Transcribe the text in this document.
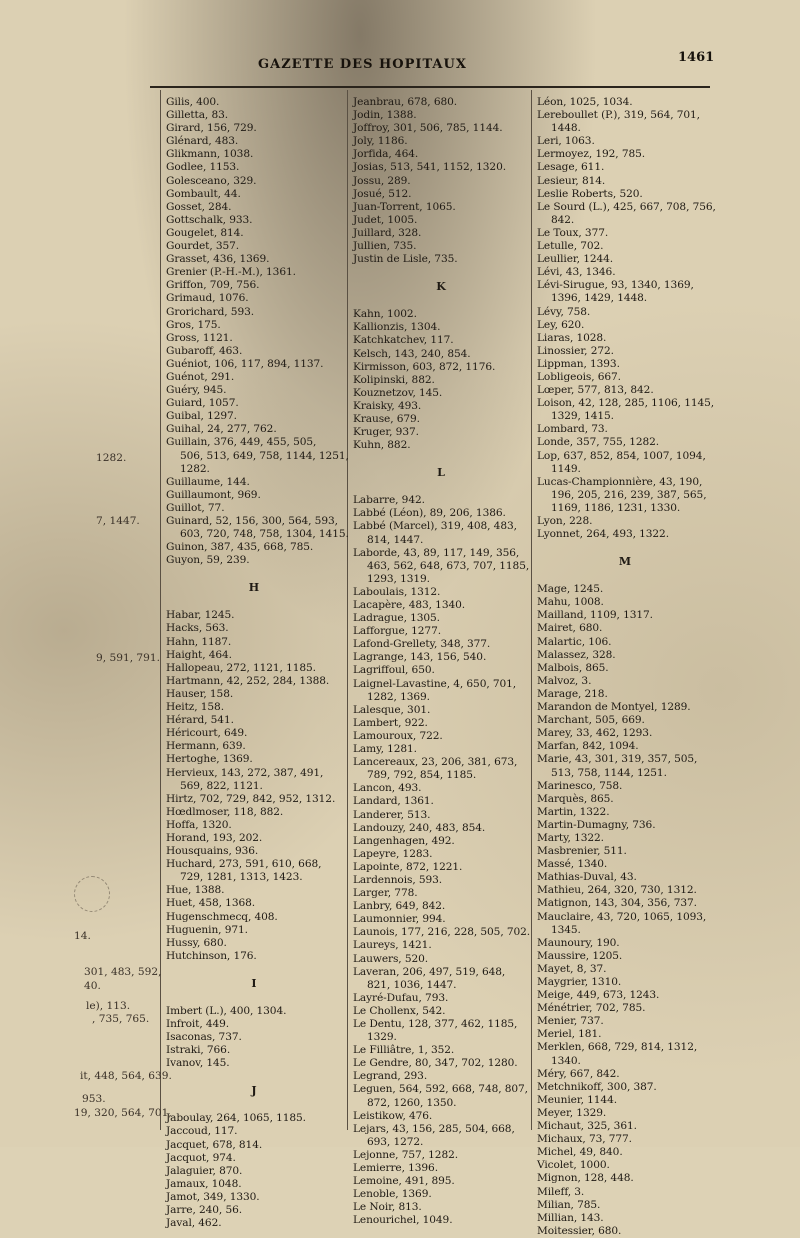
GAZETTE DES HOPITAUX	1461
Gilis, 400.
Gilletta, 83.
Girard, 156, 729.
Glénard, 483.
Glikmann, 1038.
Godlee, 1153.
Golesceano, 329.
Gombault, 44.
Gosset, 284.
Gottschalk, 933.
Gougelet, 814.
Gourdet, 357.
Grasset, 436, 1369.
Grenier (P.-H.-M.), 1361.
Griffon, 709, 756.
Grimaud, 1076.
Grorichard, 593.
Gros, 175.
Gross, 1121.
Gubaroff, 463.
Guéniot, 106, 117, 894, 1137.
Guénot, 291.
Guéry, 945.
Guiard, 1057.
Guibal, 1297.
Guihal, 24, 277, 762.
Guillain, 376, 449, 455, 505,
506, 513, 649, 758, 1144, 1251,
1282.
Guillaume, 144.
Guillaumont, 969.
Guillot, 77.
Guinard, 52, 156, 300, 564, 593,
603, 720, 748, 758, 1304, 1415.
Guinon, 387, 435, 668, 785.
Guyon, 59, 239.
H
Habar, 1245.
Hacks, 563.
Hahn, 1187.
Haight, 464.
Hallopeau, 272, 1121, 1185.
Hartmann, 42, 252, 284, 1388.
Hauser, 158.
Heitz, 158.
Hérard, 541.
Héricourt, 649.
Hermann, 639.
Hertoghe, 1369.
Hervieux, 143, 272, 387, 491,
569, 822, 1121.
Hirtz, 702, 729, 842, 952, 1312.
Hœdlmoser, 118, 882.
Hoffa, 1320.
Horand, 193, 202.
Housquains, 936.
Huchard, 273, 591, 610, 668,
729, 1281, 1313, 1423.
Hue, 1388.
Huet, 458, 1368.
Hugenschmecq, 408.
Huguenin, 971.
Hussy, 680.
Hutchinson, 176.
I
Imbert (L.), 400, 1304.
Infroit, 449.
Isaconas, 737.
Istraki, 766.
Ivanov, 145.
J
Jaboulay, 264, 1065, 1185.
Jaccoud, 117.
Jacquet, 678, 814.
Jacquot, 974.
Jalaguier, 870.
Jamaux, 1048.
Jamot, 349, 1330.
Jarre, 240, 56.
Javal, 462.
Jeanbrau, 678, 680.
Jodin, 1388.
Joffroy, 301, 506, 785, 1144.
Joly, 1186.
Jorfida, 464.
Josias, 513, 541, 1152, 1320.
Jossu, 289.
Josué, 512.
Juan-Torrent, 1065.
Judet, 1005.
Juillard, 328.
Jullien, 735.
Justin de Lisle, 735.
K
Kahn, 1002.
Kallionzis, 1304.
Katchkatchev, 117.
Kelsch, 143, 240, 854.
Kirmisson, 603, 872, 1176.
Kolipinski, 882.
Kouznetzov, 145.
Kraisky, 493.
Krause, 679.
Kruger, 937.
Kuhn, 882.
L
Labarre, 942.
Labbé (Léon), 89, 206, 1386.
Labbé (Marcel), 319, 408, 483,
814, 1447.
Laborde, 43, 89, 117, 149, 356,
463, 562, 648, 673, 707, 1185,
1293, 1319.
Laboulais, 1312.
Lacapère, 483, 1340.
Ladrague, 1305.
Lafforgue, 1277.
Lafond-Grellety, 348, 377.
Lagrange, 143, 156, 540.
Lagriffoul, 650.
Laignel-Lavastine, 4, 650, 701,
1282, 1369.
Lalesque, 301.
Lambert, 922.
Lamouroux, 722.
Lamy, 1281.
Lancereaux, 23, 206, 381, 673,
789, 792, 854, 1185.
Lancon, 493.
Landard, 1361.
Landerer, 513.
Landouzy, 240, 483, 854.
Langenhagen, 492.
Lapeyre, 1283.
Lapointe, 872, 1221.
Lardennois, 593.
Larger, 778.
Lanbry, 649, 842.
Laumonnier, 994.
Launois, 177, 216, 228, 505, 702.
Laureys, 1421.
Lauwers, 520.
Laveran, 206, 497, 519, 648,
821, 1036, 1447.
Layré-Dufau, 793.
Le Chollenx, 542.
Le Dentu, 128, 377, 462, 1185,
1329.
Le Filliâtre, 1, 352.
Le Gendre, 80, 347, 702, 1280.
Legrand, 293.
Leguen, 564, 592, 668, 748, 807,
872, 1260, 1350.
Leistikow, 476.
Lejars, 43, 156, 285, 504, 668,
693, 1272.
Lejonne, 757, 1282.
Lemierre, 1396.
Lemoine, 491, 895.
Lenoble, 1369.
Le Noir, 813.
Lenourichel, 1049.
Léon, 1025, 1034.
Lereboullet (P.), 319, 564, 701,
1448.
Leri, 1063.
Lermoyez, 192, 785.
Lesage, 611.
Lesieur, 814.
Leslie Roberts, 520.
Le Sourd (L.), 425, 667, 708, 756,
842.
Le Toux, 377.
Letulle, 702.
Leullier, 1244.
Lévi, 43, 1346.
Lévi-Sirugue, 93, 1340, 1369,
1396, 1429, 1448.
Lévy, 758.
Ley, 620.
Liaras, 1028.
Linossier, 272.
Lippman, 1393.
Lobligeois, 667.
Lœper, 577, 813, 842.
Loison, 42, 128, 285, 1106, 1145,
1329, 1415.
Lombard, 73.
Londe, 357, 755, 1282.
Lop, 637, 852, 854, 1007, 1094,
1149.
Lucas-Championnière, 43, 190,
196, 205, 216, 239, 387, 565,
1169, 1186, 1231, 1330.
Lyon, 228.
Lyonnet, 264, 493, 1322.
M
Mage, 1245.
Mahu, 1008.
Mailland, 1109, 1317.
Mairet, 680.
Malartic, 106.
Malassez, 328.
Malbois, 865.
Malvoz, 3.
Marage, 218.
Marandon de Montyel, 1289.
Marchant, 505, 669.
Marey, 33, 462, 1293.
Marfan, 842, 1094.
Marie, 43, 301, 319, 357, 505,
513, 758, 1144, 1251.
Marinesco, 758.
Marquès, 865.
Martin, 1322.
Martin-Dumagny, 736.
Marty, 1322.
Masbrenier, 511.
Massé, 1340.
Mathias-Duval, 43.
Mathieu, 264, 320, 730, 1312.
Matignon, 143, 304, 356, 737.
Mauclaire, 43, 720, 1065, 1093,
1345.
Maunoury, 190.
Maussire, 1205.
Mayet, 8, 37.
Maygrier, 1310.
Meige, 449, 673, 1243.
Ménétrier, 702, 785.
Menier, 737.
Meriel, 181.
Merklen, 668, 729, 814, 1312,
1340.
Méry, 667, 842.
Metchnikoff, 300, 387.
Meunier, 1144.
Meyer, 1329.
Michaut, 325, 361.
Michaux, 73, 777.
Michel, 49, 840.
Vicolet, 1000.
Mignon, 128, 448.
Mileff, 3.
Milian, 785.
Millian, 143.
Moitessier, 680.
1282.
7, 1447.
9, 591, 791.
14.
301, 483, 592,
40.
le), 113.
, 735, 765.
it, 448, 564, 639.
953.
19, 320, 564, 701,
